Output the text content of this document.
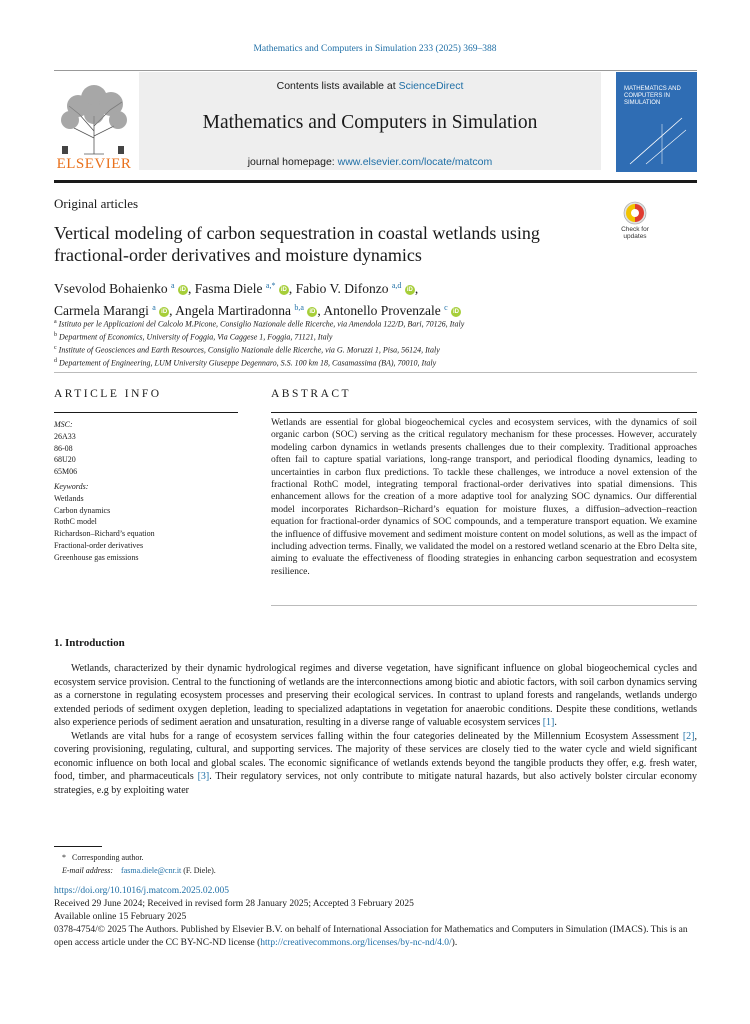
Mathematics and Computers in Simulation 233 (2025) 369–388
ELSEVIER
Contents lists available at ScienceDirect
Mathematics and Computers in Simulation
journal homepage: www.elsevier.com/locate/matcom
MATHEMATICS AND COMPUTERS IN SIMULATION
Original articles
Vertical modeling of carbon sequestration in coastal wetlands using fractional-order derivatives and moisture dynamics
Check for updates
Vsevolod Bohaienko $^a$ iD , Fasma Diele $^{a,*}$ iD , Fabio V. Difonzo $^{a,d}$ iD ,
Carmela Marangi $^a$ iD , Angela Martiradonna $^{b,a}$ iD , Antonello Provenzale $^c$ iD

$^a$ Istituto per le Applicazioni del Calcolo M.Picone, Consiglio Nazionale delle Ricerche, via Amendola 122/D, Bari, 70126, Italy

$^b$ Department of Economics, University of Foggia, Via Caggese 1, Foggia, 71121, Italy

$^c$ Institute of Geosciences and Earth Resources, Consiglio Nazionale delle Ricerche, via G. Moruzzi 1, Pisa, 56124, Italy

$^d$ Departement of Engineering, LUM University Giuseppe Degennaro, S.S. 100 km 18, Casamassima (BA), 70010, Italy

ARTICLE INFO
MSC:
26A33
86-08
68U20
65M06
Keywords:
Wetlands
Carbon dynamics
RothC model
Richardson–Richard’s equation
Fractional-order derivatives
Greenhouse gas emissions
ABSTRACT
Wetlands are essential for global biogeochemical cycles and ecosystem services, with the dynamics of soil organic carbon (SOC) serving as the critical regulatory mechanism for these processes. However, accurately modeling carbon dynamics in wetlands presents challenges due to their complexity. Traditional approaches often fail to capture spatial variations, long-range transport, and periodical flooding dynamics, leading to uncertainties in carbon flux predictions. To tackle these challenges, we introduce a novel extension of the fractional RothC model, integrating temporal fractional-order derivatives into spatial dimensions. This enhancement allows for the creation of a more adaptive tool for analyzing SOC dynamics. Our differential model incorporates Richardson–Richard’s equation for moisture fluxes, a diffusion–advection–reaction equation for fractional-order dynamics of SOC compounds, and a temperature transport equation. We examine the influence of diffusive movement and sediment moisture content on model solutions, as well as the impact of including advection terms. Finally, we validated the model on a restored wetland scenario at the Ebro Delta site, aiming to evaluate the effectiveness of flooding strategies in enhancing carbon sequestration and ecosystem resilience.
1. Introduction

Wetlands, characterized by their dynamic hydrological regimes and diverse vegetation, have significant influence on global biogeochemical cycles and ecosystem service provision. Central to the functioning of wetlands are the interconnections among biotic and abiotic factors, with soil carbon dynamics serving as a cornerstone in regulating ecosystem processes and preserving their ecological services. In contrast to upland forests and rangelands, wetlands undergo extended periods of sediment oxygen depletion, leading to specialized adaptations in vegetation for anaerobic conditions. Despite these conditions, wetlands also experience periods of sediment aeration and unsaturation, resulting in a diverse range of valuable ecosystem services [1].

Wetlands are vital hubs for a range of ecosystem services falling within the four categories delineated by the Millennium Ecosystem Assessment [2], covering provisioning, regulating, cultural, and supporting services. The majority of these services are closely tied to the water cycle and wield significant economic influence on both local and global scales. The economic significance of wetlands extends beyond the tangible products they offer, e.g. fresh water, food, timber, and pharmaceuticals [3]. Their regulatory services, not only contribute to mitigate natural hazards, but also actively bolster circular economy strategies, e.g by exploiting water

*   Corresponding author.
E-mail address: fasma.diele@cnr.it (F. Diele).
https://doi.org/10.1016/j.matcom.2025.02.005
Received 29 June 2024; Received in revised form 28 January 2025; Accepted 3 February 2025
Available online 15 February 2025
0378-4754/© 2025 The Authors. Published by Elsevier B.V. on behalf of International Association for Mathematics and Computers in Simulation (IMACS). This is an open access article under the CC BY-NC-ND license (http://creativecommons.org/licenses/by-nc-nd/4.0/).
